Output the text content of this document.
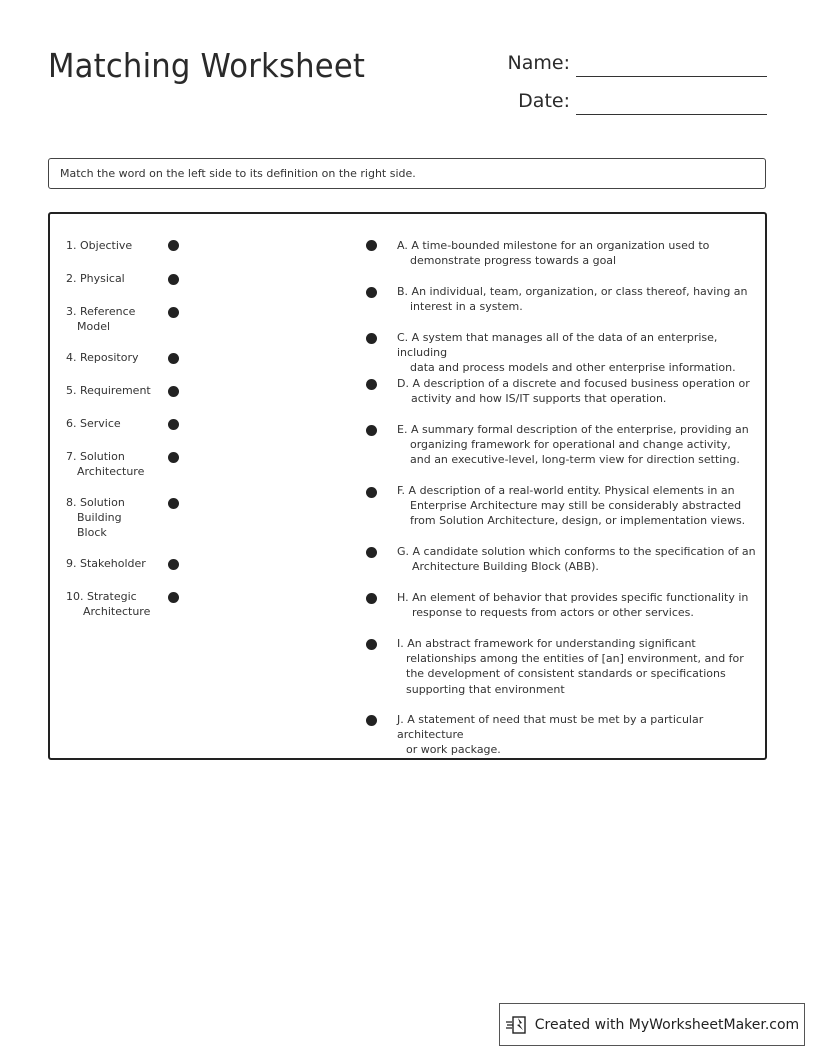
Matching Worksheet	Name:
Date:
Match the word on the left side to its definition on the right side.
1. Objective
2. Physical
3. Reference
Model
4. Repository
5. Requirement
6. Service
7. Solution
Architecture
8. Solution
Building Block
9. Stakeholder
10. Strategic
Architecture
A. A time-bounded milestone for an organization used to
demonstrate progress towards a goal
B. An individual, team, organization, or class thereof, having an
interest in a system.
C. A system that manages all of the data of an enterprise, including
data and process models and other enterprise information.
D. A description of a discrete and focused business operation or
activity and how IS/IT supports that operation.
E. A summary formal description of the enterprise, providing an
organizing framework for operational and change activity, and an executive-level, long-term view for direction setting.
F. A description of a real-world entity. Physical elements in an
Enterprise Architecture may still be considerably abstracted from Solution Architecture, design, or implementation views.
G. A candidate solution which conforms to the specification of an
Architecture Building Block (ABB).
H. An element of behavior that provides specific functionality in
response to requests from actors or other services.
I. An abstract framework for understanding significant
relationships among the entities of [an] environment, and for the development of consistent standards or specifications supporting that environment
J. A statement of need that must be met by a particular architecture
or work package.
Created with MyWorksheetMaker.com
